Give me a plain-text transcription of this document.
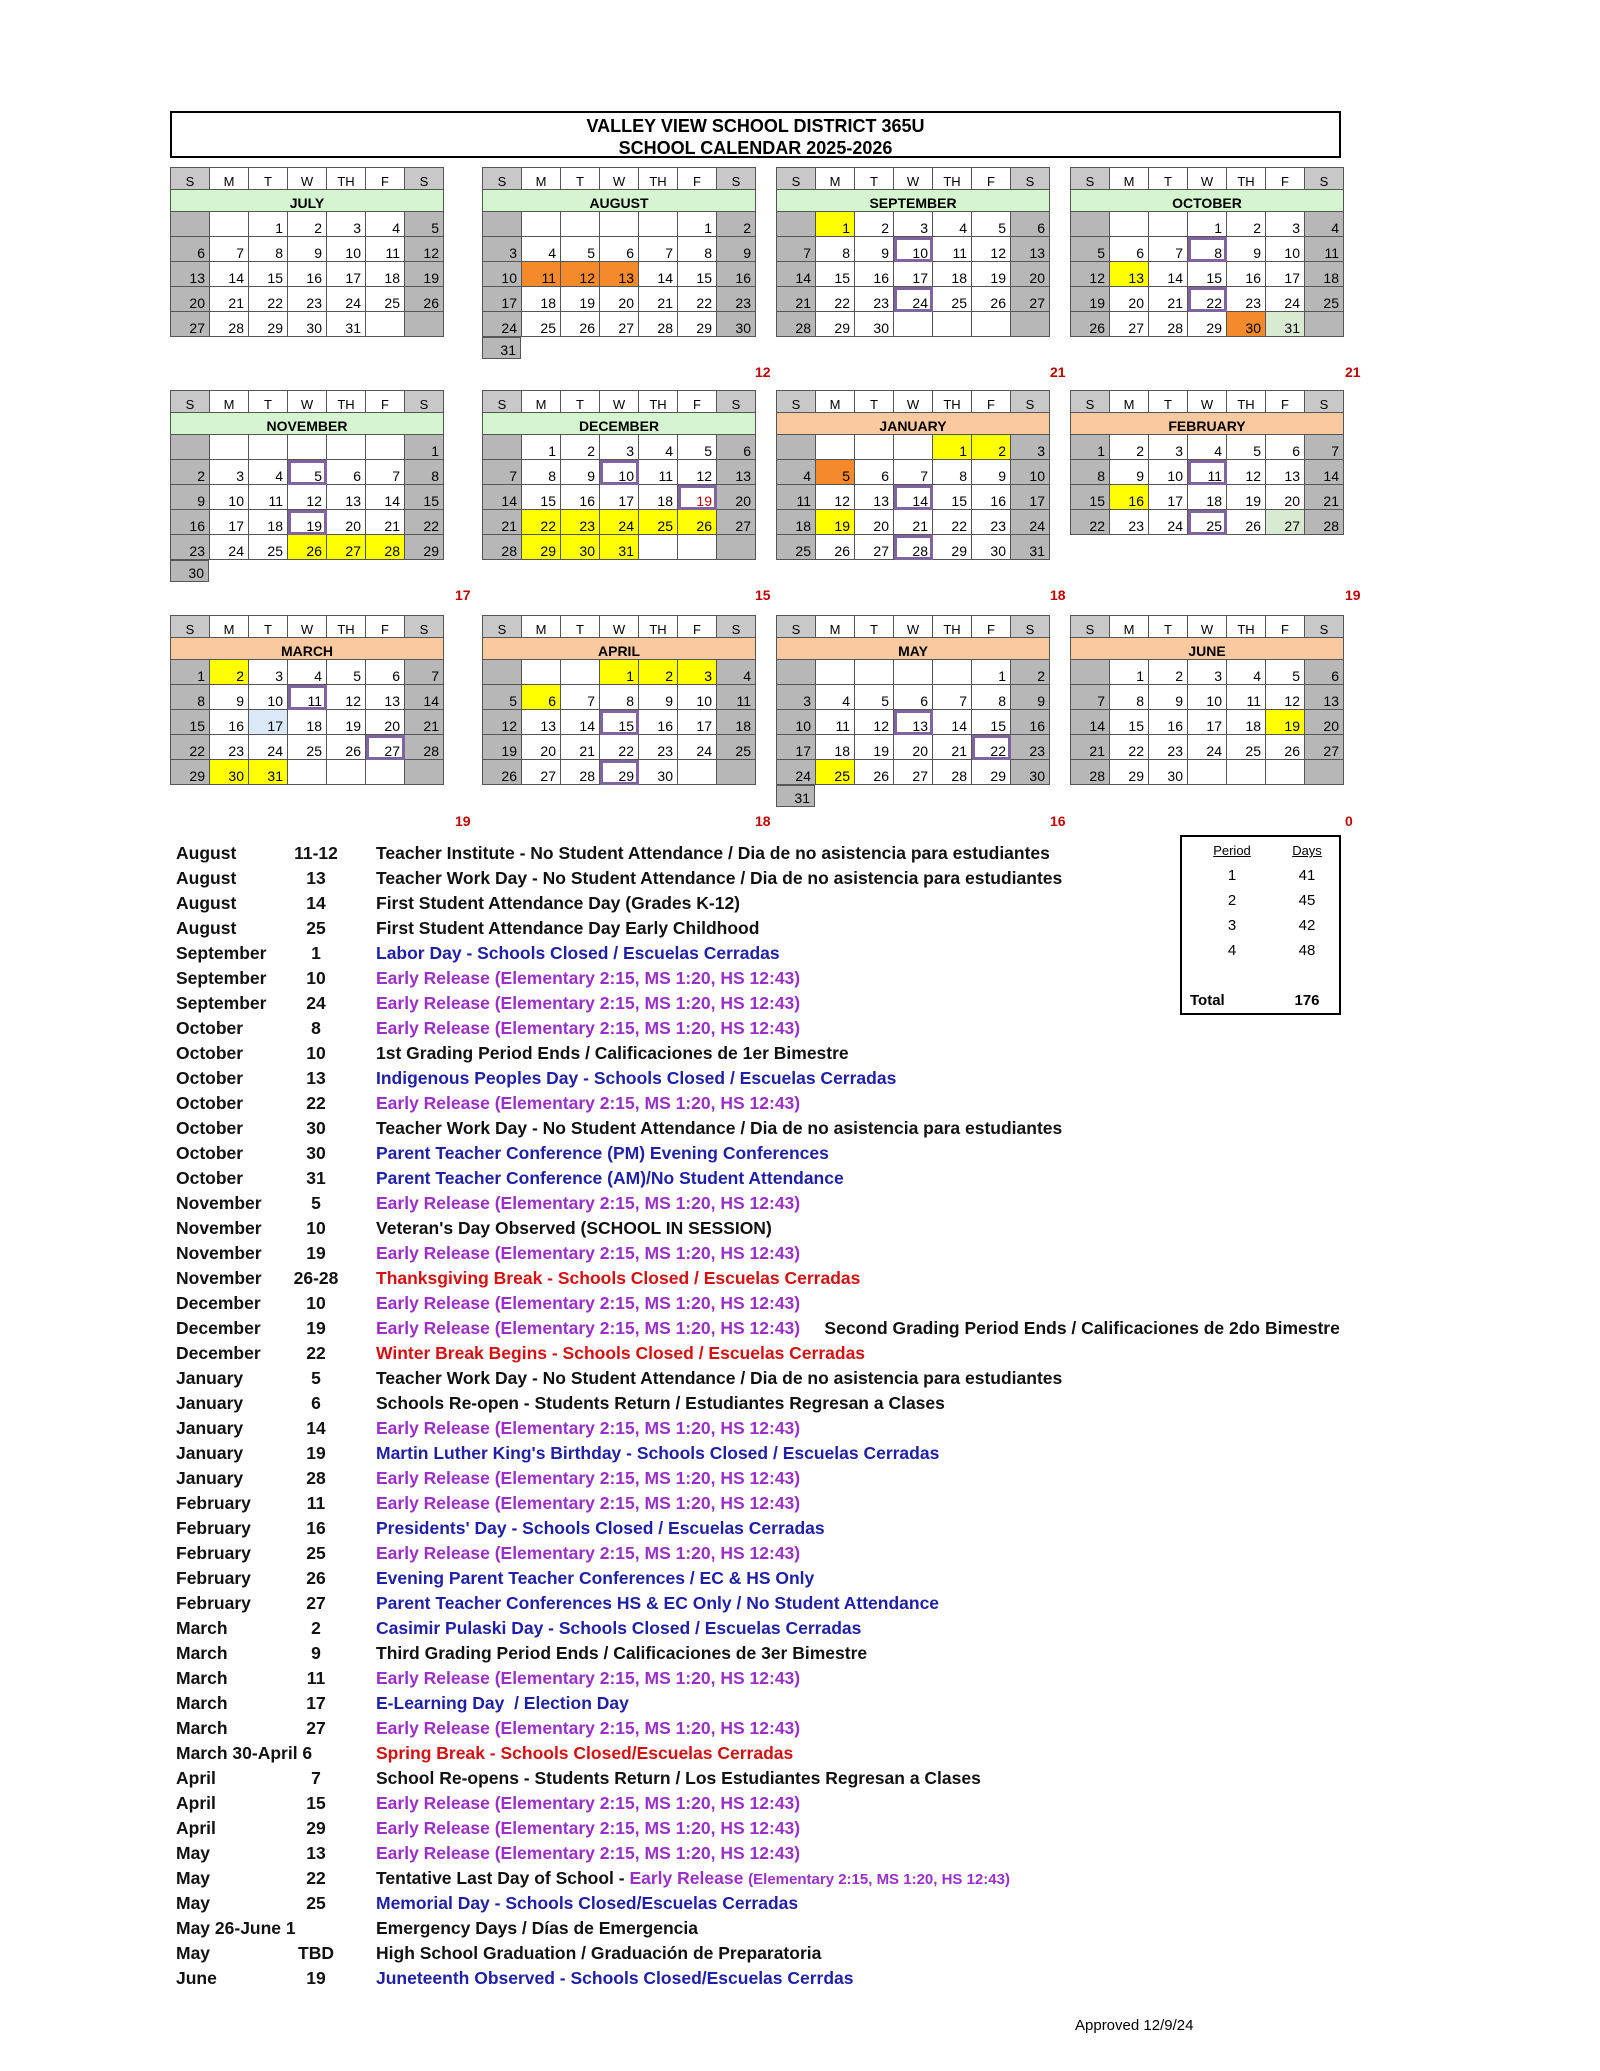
VALLEY VIEW SCHOOL DISTRICT 365U
SCHOOL CALENDAR 2025-2026
S	M	T	W	TH	F	S
JULY						
		1	2	3	4	5
6	7	8	9	10	11	12
13	14	15	16	17	18	19
20	21	22	23	24	25	26
27	28	29	30	31		
S	M	T	W	TH	F	S
AUGUST						
					1	2
3	4	5	6	7	8	9
10	11	12	13	14	15	16
17	18	19	20	21	22	23
24	25	26	27	28	29	30
31
12
S	M	T	W	TH	F	S
SEPTEMBER						
	1	2	3	4	5	6
7	8	9	10	11	12	13
14	15	16	17	18	19	20
21	22	23	24	25	26	27
28	29	30				
21
S	M	T	W	TH	F	S
OCTOBER						
			1	2	3	4
5	6	7	8	9	10	11
12	13	14	15	16	17	18
19	20	21	22	23	24	25
26	27	28	29	30	31	
21
S	M	T	W	TH	F	S
NOVEMBER						
						1
2	3	4	5	6	7	8
9	10	11	12	13	14	15
16	17	18	19	20	21	22
23	24	25	26	27	28	29
30
17
S	M	T	W	TH	F	S
DECEMBER						
	1	2	3	4	5	6
7	8	9	10	11	12	13
14	15	16	17	18	19	20
21	22	23	24	25	26	27
28	29	30	31			
15
S	M	T	W	TH	F	S
JANUARY						
				1	2	3
4	5	6	7	8	9	10
11	12	13	14	15	16	17
18	19	20	21	22	23	24
25	26	27	28	29	30	31
18
S	M	T	W	TH	F	S
FEBRUARY						
1	2	3	4	5	6	7
8	9	10	11	12	13	14
15	16	17	18	19	20	21
22	23	24	25	26	27	28
19
S	M	T	W	TH	F	S
MARCH						
1	2	3	4	5	6	7
8	9	10	11	12	13	14
15	16	17	18	19	20	21
22	23	24	25	26	27	28
29	30	31				
19
S	M	T	W	TH	F	S
APRIL						
			1	2	3	4
5	6	7	8	9	10	11
12	13	14	15	16	17	18
19	20	21	22	23	24	25
26	27	28	29	30		
18
S	M	T	W	TH	F	S
MAY						
					1	2
3	4	5	6	7	8	9
10	11	12	13	14	15	16
17	18	19	20	21	22	23
24	25	26	27	28	29	30
31
16
S	M	T	W	TH	F	S
JUNE						
	1	2	3	4	5	6
7	8	9	10	11	12	13
14	15	16	17	18	19	20
21	22	23	24	25	26	27
28	29	30				
0
Period	Days
1	41
2	45
3	42
4	48
Total	176
August	11-12	Teacher Institute - No Student Attendance / Dia de no asistencia para estudiantes
August	13	Teacher Work Day - No Student Attendance / Dia de no asistencia para estudiantes
August	14	First Student Attendance Day (Grades K-12)
August	25	First Student Attendance Day Early Childhood
September	1	Labor Day - Schools Closed / Escuelas Cerradas
September	10	Early Release (Elementary 2:15, MS 1:20, HS 12:43)
September	24	Early Release (Elementary 2:15, MS 1:20, HS 12:43)
October	8	Early Release (Elementary 2:15, MS 1:20, HS 12:43)
October	10	1st Grading Period Ends / Calificaciones de 1er Bimestre
October	13	Indigenous Peoples Day - Schools Closed / Escuelas Cerradas
October	22	Early Release (Elementary 2:15, MS 1:20, HS 12:43)
October	30	Teacher Work Day - No Student Attendance / Dia de no asistencia para estudiantes
October	30	Parent Teacher Conference (PM) Evening Conferences
October	31	Parent Teacher Conference (AM)/No Student Attendance
November	5	Early Release (Elementary 2:15, MS 1:20, HS 12:43)
November	10	Veteran's Day Observed (SCHOOL IN SESSION)
November	19	Early Release (Elementary 2:15, MS 1:20, HS 12:43)
November	26-28	Thanksgiving Break - Schools Closed / Escuelas Cerradas
December	10	Early Release (Elementary 2:15, MS 1:20, HS 12:43)
December	19	Early Release (Elementary 2:15, MS 1:20, HS 12:43)     Second Grading Period Ends / Calificaciones de 2do Bimestre
December	22	Winter Break Begins - Schools Closed / Escuelas Cerradas
January	5	Teacher Work Day - No Student Attendance / Dia de no asistencia para estudiantes
January	6	Schools Re-open - Students Return / Estudiantes Regresan a Clases
January	14	Early Release (Elementary 2:15, MS 1:20, HS 12:43)
January	19	Martin Luther King's Birthday - Schools Closed / Escuelas Cerradas
January	28	Early Release (Elementary 2:15, MS 1:20, HS 12:43)
February	11	Early Release (Elementary 2:15, MS 1:20, HS 12:43)
February	16	Presidents' Day - Schools Closed / Escuelas Cerradas
February	25	Early Release (Elementary 2:15, MS 1:20, HS 12:43)
February	26	Evening Parent Teacher Conferences / EC & HS Only
February	27	Parent Teacher Conferences HS & EC Only / No Student Attendance
March	2	Casimir Pulaski Day - Schools Closed / Escuelas Cerradas
March	9	Third Grading Period Ends / Calificaciones de 3er Bimestre
March	11	Early Release (Elementary 2:15, MS 1:20, HS 12:43)
March	17	E-Learning Day  / Election Day
March	27	Early Release (Elementary 2:15, MS 1:20, HS 12:43)
March 30-April 6	Spring Break - Schools Closed/Escuelas Cerradas
April	7	School Re-opens - Students Return / Los Estudiantes Regresan a Clases
April	15	Early Release (Elementary 2:15, MS 1:20, HS 12:43)
April	29	Early Release (Elementary 2:15, MS 1:20, HS 12:43)
May	13	Early Release (Elementary 2:15, MS 1:20, HS 12:43)
May	22	Tentative Last Day of School - Early Release (Elementary 2:15, MS 1:20, HS 12:43)
May	25	Memorial Day - Schools Closed/Escuelas Cerradas
May 26-June 1	Emergency Days / Días de Emergencia
May	TBD	High School Graduation / Graduación de Preparatoria
June	19	Juneteenth Observed - Schools Closed/Escuelas Cerrdas
Approved 12/9/24
